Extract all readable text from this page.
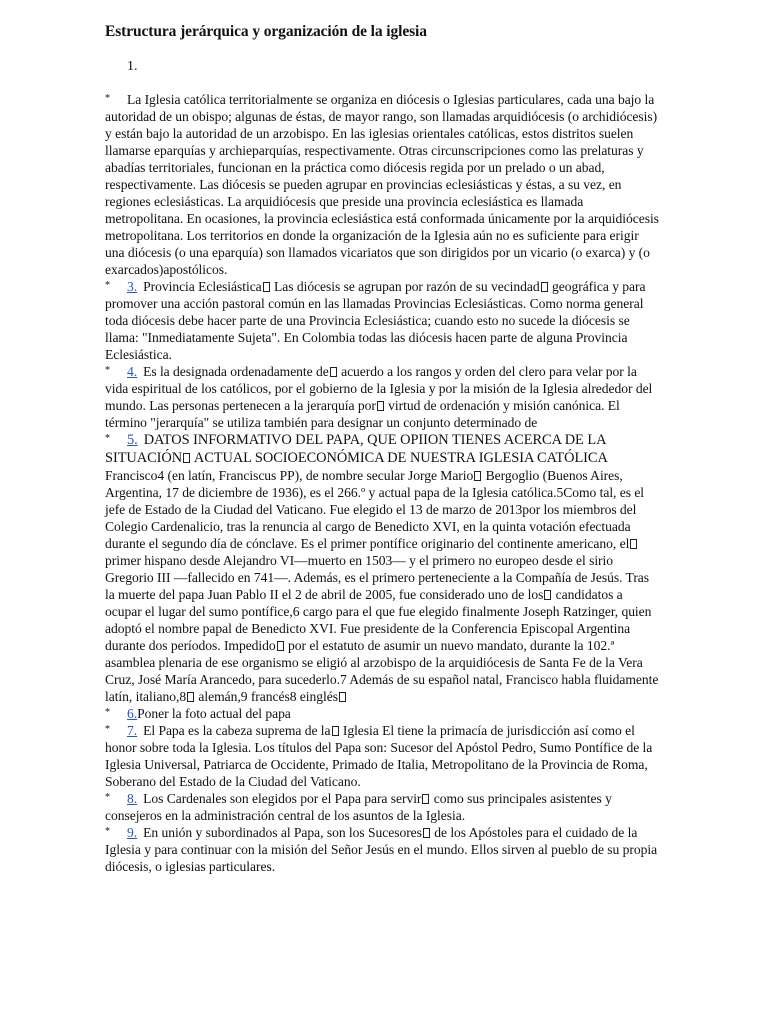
Estructura jerárquica y organización de la iglesia
1.

* La Iglesia católica territorialmente se organiza en diócesis o Iglesias particulares, cada una bajo la autoridad de un obispo; algunas de éstas, de mayor rango, son llamadas arquidiócesis (o archidiócesis) y están bajo la autoridad de un arzobispo. En las iglesias orientales católicas, estos distritos suelen llamarse eparquías y archieparquías, respectivamente. Otras circunscripciones como las prelaturas y abadías territoriales, funcionan en la práctica como diócesis regida por un prelado o un abad, respectivamente. Las diócesis se pueden agrupar en provincias eclesiásticas y éstas, a su vez, en regiones eclesiásticas. La arquidiócesis que preside una provincia eclesiástica es llamada metropolitana. En ocasiones, la provincia eclesiástica está conformada únicamente por la arquidiócesis metropolitana. Los territorios en donde la organización de la Iglesia aún no es suficiente para erigir una diócesis (o una eparquía) son llamados vicariatos que son dirigidos por un vicario (o exarca) y (o exarcados)apostólicos.

* 3. Provincia Eclesiástica Las diócesis se agrupan por razón de su vecindad geográfica y para promover una acción pastoral común en las llamadas Provincias Eclesiásticas. Como norma general toda diócesis debe hacer parte de una Provincia Eclesiástica; cuando esto no sucede la diócesis se llama: "Inmediatamente Sujeta". En Colombia todas las diócesis hacen parte de alguna Provincia Eclesiástica.

* 4. Es la designada ordenadamente de acuerdo a los rangos y orden del clero para velar por la vida espiritual de los católicos, por el gobierno de la Iglesia y por la misión de la Iglesia alrededor del mundo. Las personas pertenecen a la jerarquía por virtud de ordenación y misión canónica. El término "jerarquía" se utiliza también para designar un conjunto determinado de

* 5. DATOS INFORMATIVO DEL PAPA, QUE OPIION TIENES ACERCA DE LA SITUACIÓN ACTUAL SOCIOECONÓMICA DE NUESTRA IGLESIA CATÓLICA

Francisco4 (en latín, Franciscus PP), de nombre secular Jorge Mario Bergoglio (Buenos Aires, Argentina, 17 de diciembre de 1936), es el 266.º y actual papa de la Iglesia católica.5Como tal, es el jefe de Estado de la Ciudad del Vaticano. Fue elegido el 13 de marzo de 2013por los miembros del Colegio Cardenalicio, tras la renuncia al cargo de Benedicto XVI, en la quinta votación efectuada durante el segundo día de cónclave. Es el primer pontífice originario del continente americano, el primer hispano desde Alejandro VI—muerto en 1503— y el primero no europeo desde el sirio Gregorio III —fallecido en 741—. Además, es el primero perteneciente a la Compañía de Jesús. Tras la muerte del papa Juan Pablo II el 2 de abril de 2005, fue considerado uno de los candidatos a ocupar el lugar del sumo pontífice,6 cargo para el que fue elegido finalmente Joseph Ratzinger, quien adoptó el nombre papal de Benedicto XVI. Fue presidente de la Conferencia Episcopal Argentina durante dos períodos. Impedido por el estatuto de asumir un nuevo mandato, durante la 102.ª asamblea plenaria de ese organismo se eligió al arzobispo de la arquidiócesis de Santa Fe de la Vera Cruz, José María Arancedo, para sucederlo.7 Además de su español natal, Francisco habla fluidamente latín, italiano,8 alemán,9 francés8 einglés

* 6.Poner la foto actual del papa

* 7. El Papa es la cabeza suprema de la Iglesia El tiene la primacía de jurisdicción así como el honor sobre toda la Iglesia. Los títulos del Papa son: Sucesor del Apóstol Pedro, Sumo Pontífice de la Iglesia Universal, Patriarca de Occidente, Primado de Italia, Metropolitano de la Provincia de Roma, Soberano del Estado de la Ciudad del Vaticano.

* 8. Los Cardenales son elegidos por el Papa para servir como sus principales asistentes y consejeros en la administración central de los asuntos de la Iglesia.

* 9. En unión y subordinados al Papa, son los Sucesores de los Apóstoles para el cuidado de la Iglesia y para continuar con la misión del Señor Jesús en el mundo. Ellos sirven al pueblo de su propia diócesis, o iglesias particulares.
